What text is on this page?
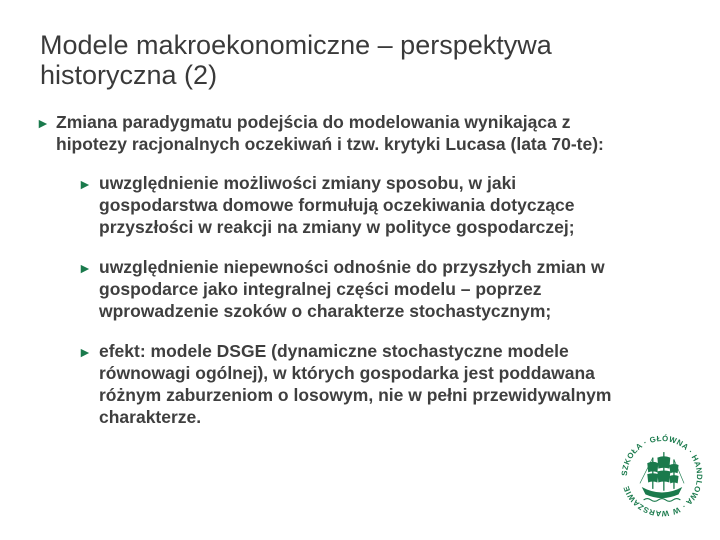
Modele makroekonomiczne – perspektywa
historyczna (2)
► Zmiana paradygmatu podejścia do modelowania wynikająca z
hipotezy racjonalnych oczekiwań i tzw. krytyki Lucasa (lata 70-te):
► uwzględnienie możliwości zmiany sposobu, w jaki
gospodarstwa domowe formułują oczekiwania dotyczące
przyszłości w reakcji na zmiany w polityce gospodarczej;
► uwzględnienie niepewności odnośnie do przyszłych zmian w
gospodarce jako integralnej części modelu – poprzez
wprowadzenie szoków o charakterze stochastycznym;
► efekt: modele DSGE (dynamiczne stochastyczne modele
równowagi ogólnej), w których gospodarka jest poddawana
różnym zaburzeniom o losowym, nie w pełni przewidywalnym
charakterze.
SZKOŁA · GŁÓWNA · HANDLOWA · W WARSZAWIE
